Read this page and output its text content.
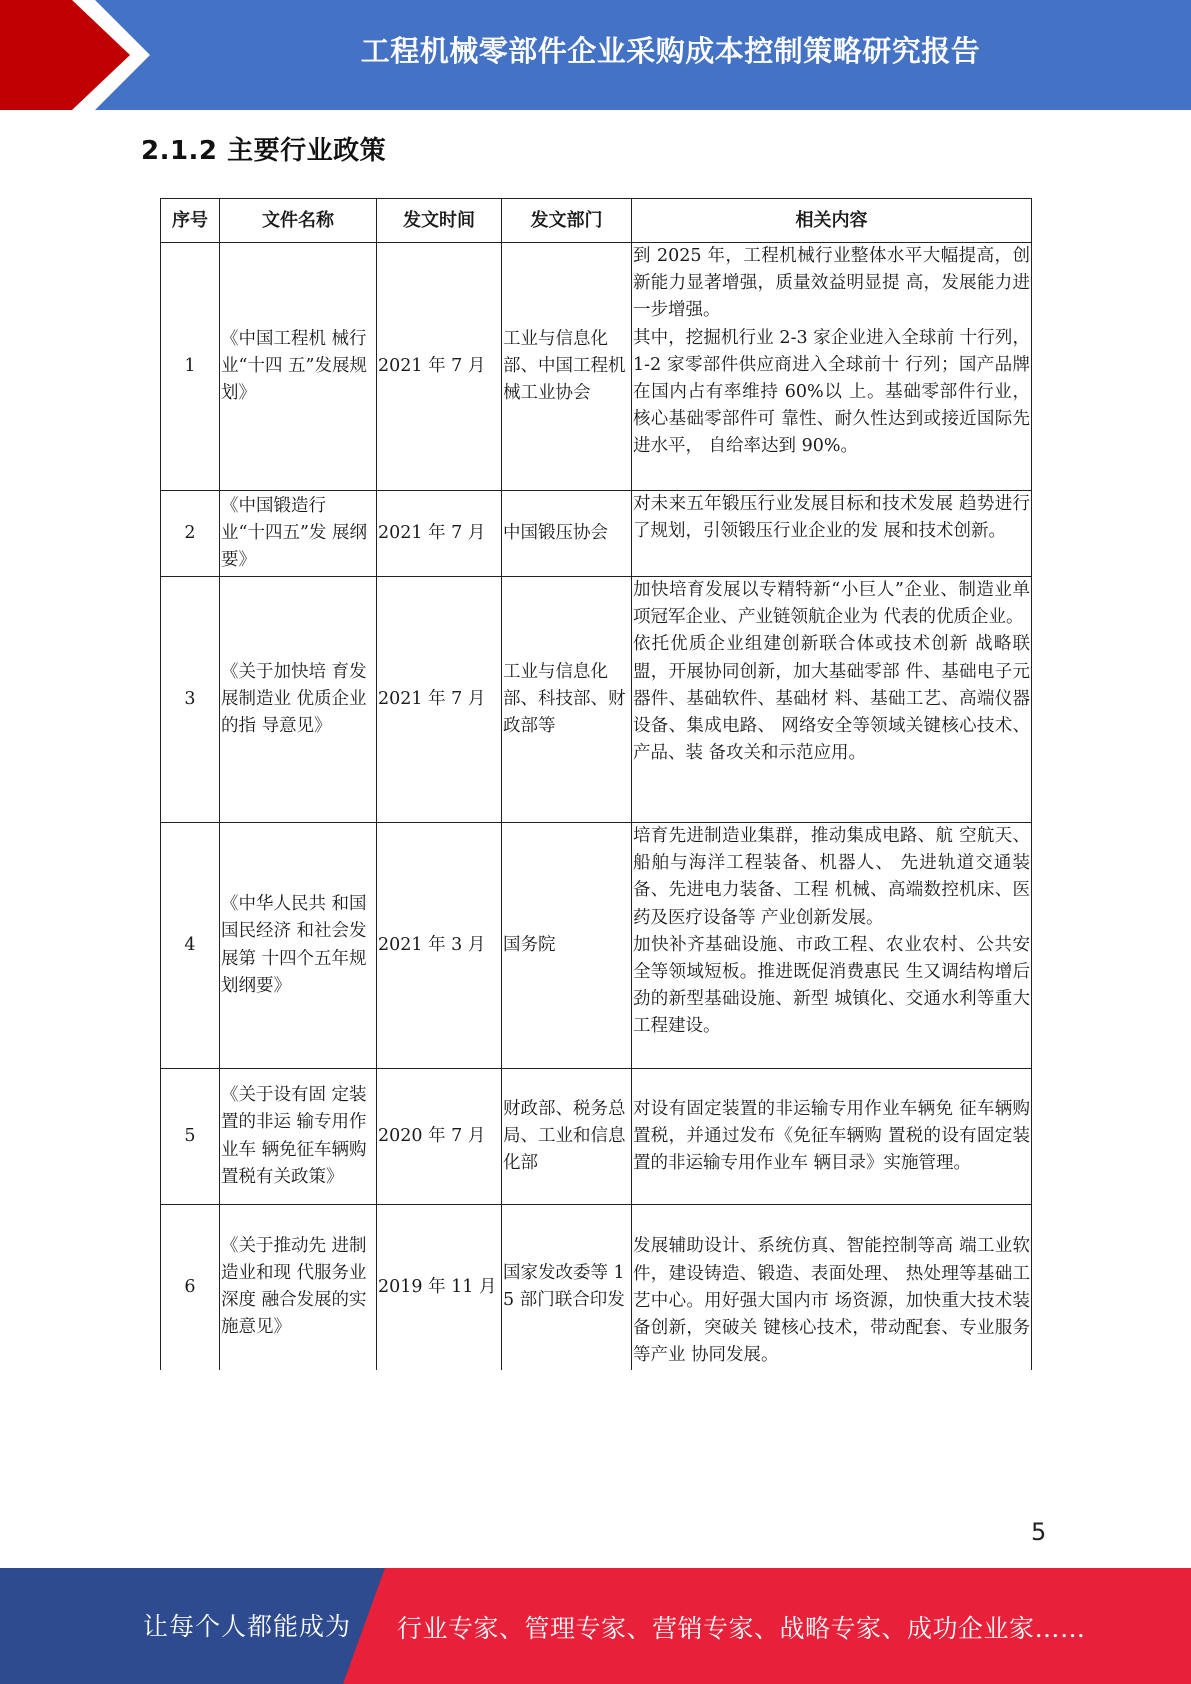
工程机械零部件企业采购成本控制策略研究报告
2.1.2 主要行业政策
序号	文件名称	发文时间	发文部门	相关内容
1	《中国工程机 械行业“十四 五”发展规划》	2021 年 7 月	工业与信息化部、中国工程机械工业协会	到 2025 年，工程机械行业整体水平大幅提高，创新能力显著增强，质量效益明显提 高，发展能力进一步增强。
其中，挖掘机行业 2-3 家企业进入全球前 十行列，1-2 家零部件供应商进入全球前十 行列；国产品牌在国内占有率维持 60%以 上。基础零部件行业，核心基础零部件可 靠性、耐久性达到或接近国际先进水平， 自给率达到 90%。

2	《中国锻造行 业“十四五”发 展纲要》	2021 年 7 月	中国锻压协会	对未来五年锻压行业发展目标和技术发展 趋势进行了规划，引领锻压行业企业的发 展和技术创新。

3	《关于加快培 育发展制造业 优质企业的指 导意见》	2021 年 7 月	工业与信息化部、科技部、财政部等	加快培育发展以专精特新“小巨人”企业、制造业单项冠军企业、产业链领航企业为 代表的优质企业。
依托优质企业组建创新联合体或技术创新 战略联盟，开展协同创新，加大基础零部 件、基础电子元器件、基础软件、基础材 料、基础工艺、高端仪器设备、集成电路、 网络安全等领域关键核心技术、产品、装 备攻关和示范应用。

4	《中华人民共 和国国民经济 和社会发展第 十四个五年规 划纲要》	2021 年 3 月	国务院	培育先进制造业集群，推动集成电路、航 空航天、船舶与海洋工程装备、机器人、 先进轨道交通装备、先进电力装备、工程 机械、高端数控机床、医药及医疗设备等 产业创新发展。
加快补齐基础设施、市政工程、农业农村、公共安全等领域短板。推进既促消费惠民 生又调结构增后劲的新型基础设施、新型 城镇化、交通水利等重大工程建设。

5	《关于设有固 定装置的非运 输专用作业车 辆免征车辆购 置税有关政策》	2020 年 7 月	财政部、税务总局、工业和信息化部	对设有固定装置的非运输专用作业车辆免 征车辆购置税，并通过发布《免征车辆购 置税的设有固定装置的非运输专用作业车 辆目录》实施管理。

6	《关于推动先 进制造业和现 代服务业深度 融合发展的实 施意见》	2019 年 11 月	国家发改委等 15 部门联合印发	发展辅助设计、系统仿真、智能控制等高 端工业软件，建设铸造、锻造、表面处理、 热处理等基础工艺中心。用好强大国内市 场资源，加快重大技术装备创新，突破关 键核心技术，带动配套、专业服务等产业 协同发展。
5
让每个人都能成为 行业专家、管理专家、营销专家、战略专家、成功企业家……
